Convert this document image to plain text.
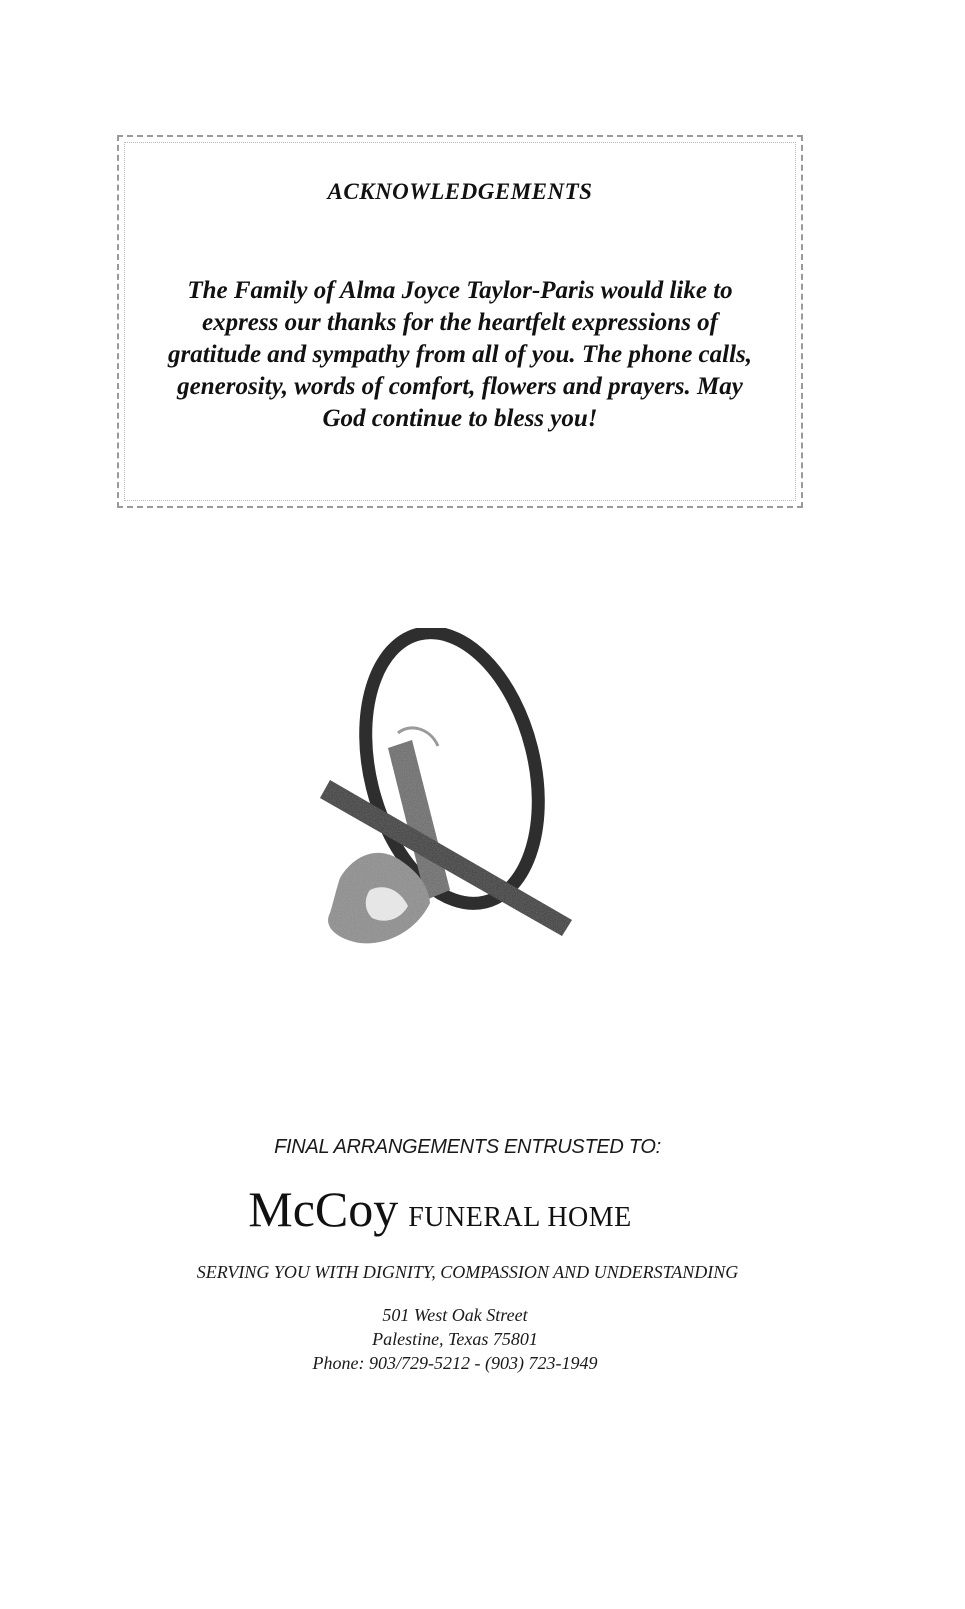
ACKNOWLEDGEMENTS
The Family of Alma Joyce Taylor-Paris would like to express our thanks for the heartfelt expressions of gratitude and sympathy from all of you. The phone calls, generosity, words of comfort, flowers and prayers. May God continue to bless you!
FINAL ARRANGEMENTS ENTRUSTED TO:
McCoy FUNERAL HOME
SERVING YOU WITH DIGNITY, COMPASSION AND UNDERSTANDING
501 West Oak Street
Palestine, Texas 75801
Phone: 903/729-5212 - (903) 723-1949
